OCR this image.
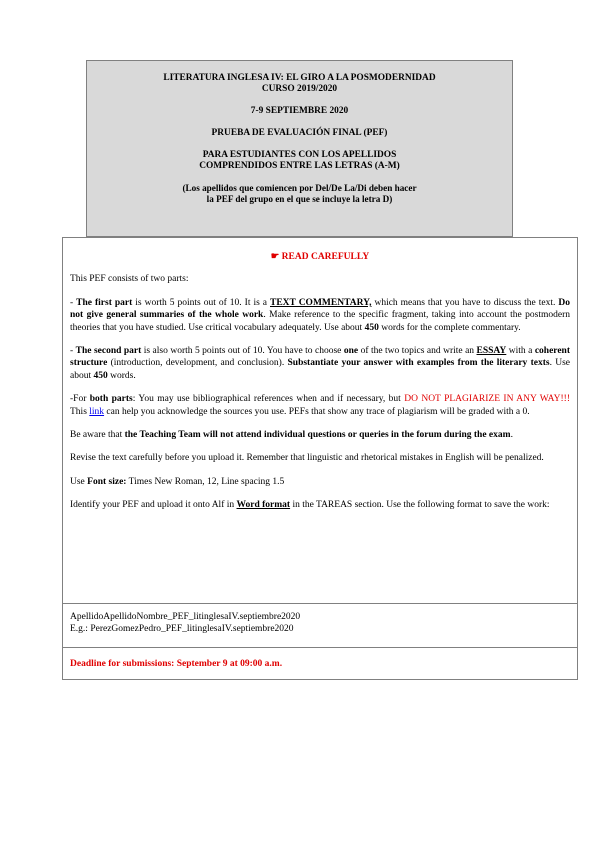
LITERATURA INGLESA IV: EL GIRO A LA POSMODERNIDAD

CURSO 2019/2020

7-9 SEPTIEMBRE 2020

PRUEBA DE EVALUACIÓN FINAL (PEF)

PARA ESTUDIANTES CON LOS APELLIDOS

COMPRENDIDOS ENTRE LAS LETRAS (A-M)

(Los apellidos que comiencen por Del/De La/Di deben hacer

la PEF del grupo en el que se incluye la letra D)

☛ READ CAREFULLY

This PEF consists of two parts:

- The first part is worth 5 points out of 10. It is a TEXT COMMENTARY, which means that you have to discuss the text. Do not give general summaries of the whole work. Make reference to the specific fragment, taking into account the postmodern theories that you have studied. Use critical vocabulary adequately. Use about 450 words for the complete commentary.

- The second part is also worth 5 points out of 10. You have to choose one of the two topics and write an ESSAY with a coherent structure (introduction, development, and conclusion). Substantiate your answer with examples from the literary texts. Use about 450 words.

-For both parts: You may use bibliographical references when and if necessary, but DO NOT PLAGIARIZE IN ANY WAY!!! This link can help you acknowledge the sources you use. PEFs that show any trace of plagiarism will be graded with a 0.

Be aware that the Teaching Team will not attend individual questions or queries in the forum during the exam.

Revise the text carefully before you upload it. Remember that linguistic and rhetorical mistakes in English will be penalized.

Use Font size: Times New Roman, 12, Line spacing 1.5

Identify your PEF and upload it onto Alf in Word format in the TAREAS section. Use the following format to save the work:

ApellidoApellidoNombre_PEF_litinglesaIV.septiembre2020

E.g.: PerezGomezPedro_PEF_litinglesaIV.septiembre2020

Deadline for submissions: September 9 at 09:00 a.m.
